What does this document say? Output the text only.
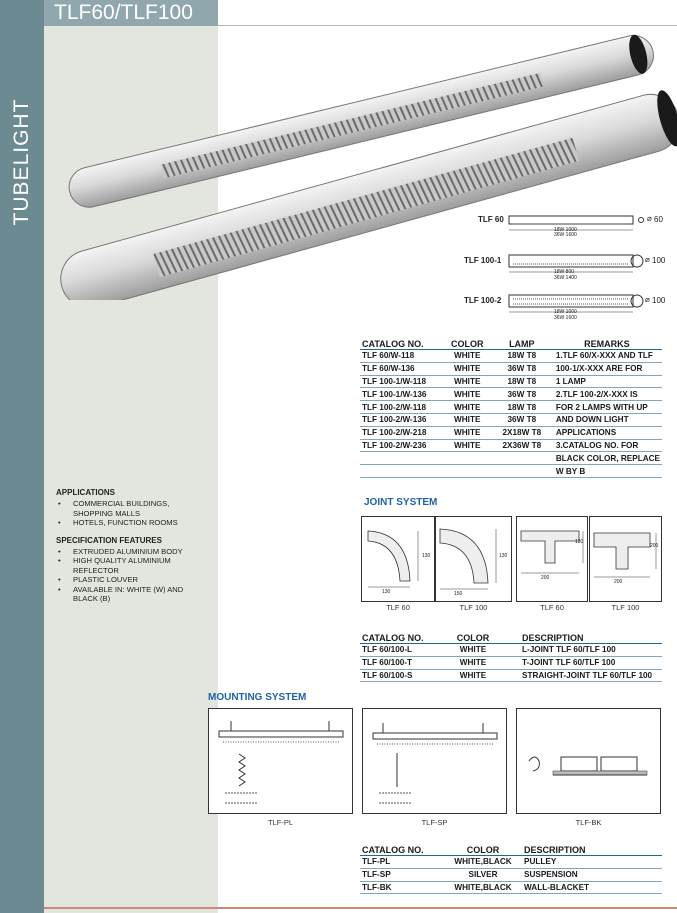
TUBELIGHT
TLF60/TLF100
TLF 60
18W 1000
36W 1600
⌀ 60
TLF 100-1
18W 800
36W 1400
⌀ 100
TLF 100-2
18W 1000
36W 1600
⌀ 100
CATALOG NO.	COLOR	LAMP	REMARKS
TLF 60/W-118	WHITE	18W T8	1.TLF 60/X-XXX AND TLF
TLF 60/W-136	WHITE	36W T8	100-1/X-XXX ARE FOR
TLF 100-1/W-118	WHITE	18W T8	1 LAMP
TLF 100-1/W-136	WHITE	36W T8	2.TLF 100-2/X-XXX IS
TLF 100-2/W-118	WHITE	18W T8	FOR 2 LAMPS WITH UP
TLF 100-2/W-136	WHITE	36W T8	AND DOWN LIGHT
TLF 100-2/W-218	WHITE	2X18W T8	APPLICATIONS
TLF 100-2/W-236	WHITE	2X36W T8	3.CATALOG NO. FOR
			BLACK COLOR, REPLACE
			W BY B
APPLICATIONS
• COMMERCIAL BUILDINGS, SHOPPING MALLS
• HOTELS, FUNCTION ROOMS
SPECIFICATION FEATURES
• EXTRUDED ALUMINIUM BODY
• HIGH QUALITY ALUMINIUM REFLECTOR
• PLASTIC LOUVER
• AVAILABLE IN: WHITE (W) AND BLACK (B)
JOINT SYSTEM
130
130
150
130
200
130
200
200
TLF 60	TLF 100	TLF 60	TLF 100
CATALOG NO.	COLOR	DESCRIPTION
TLF 60/100-L	WHITE	L-JOINT TLF 60/TLF 100
TLF 60/100-T	WHITE	T-JOINT TLF 60/TLF 100
TLF 60/100-S	WHITE	STRAIGHT-JOINT TLF 60/TLF 100
MOUNTING SYSTEM
TLF-PL	TLF-SP	TLF-BK
CATALOG NO.	COLOR	DESCRIPTION
TLF-PL	WHITE,BLACK	PULLEY
TLF-SP	SILVER	SUSPENSION
TLF-BK	WHITE,BLACK	WALL-BLACKET
